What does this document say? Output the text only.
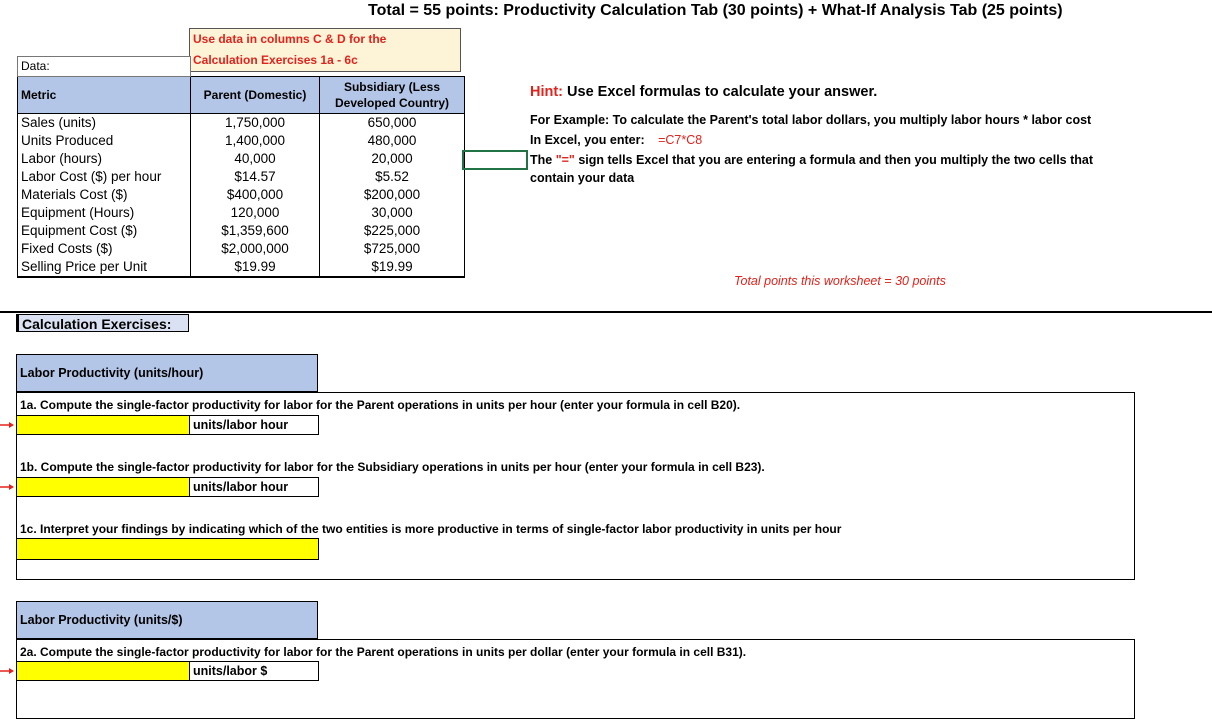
Total = 55 points: Productivity Calculation Tab (30 points) + What-If Analysis Tab (25 points)
Use data in columns C & D for the
Calculation Exercises 1a - 6c
Data:		
Metric	Parent (Domestic)	Subsidiary (Less Developed Country)
Sales (units)	1,750,000	650,000
Units Produced	1,400,000	480,000
Labor (hours)	40,000	20,000
Labor Cost ($) per hour	$14.57	$5.52
Materials Cost ($)	$400,000	$200,000
Equipment (Hours)	120,000	30,000
Equipment Cost ($)	$1,359,600	$225,000
Fixed Costs ($)	$2,000,000	$725,000
Selling Price per Unit	$19.99	$19.99
Hint: Use Excel formulas to calculate your answer.
For Example: To calculate the Parent's total labor dollars, you multiply labor hours * labor cost
In Excel, you enter: =C7*C8
The "=" sign tells Excel that you are entering a formula and then you multiply the two cells that
contain your data
Total points this worksheet = 30 points
Calculation Exercises:
Labor Productivity (units/hour)
1a. Compute the single-factor productivity for labor for the Parent operations in units per hour (enter your formula in cell B20).
units/labor hour
1b. Compute the single-factor productivity for labor for the Subsidiary operations in units per hour (enter your formula in cell B23).
units/labor hour
1c. Interpret your findings by indicating which of the two entities is more productive in terms of single-factor labor productivity in units per hour
Labor Productivity (units/$)
2a. Compute the single-factor productivity for labor for the Parent operations in units per dollar (enter your formula in cell B31).
units/labor $
